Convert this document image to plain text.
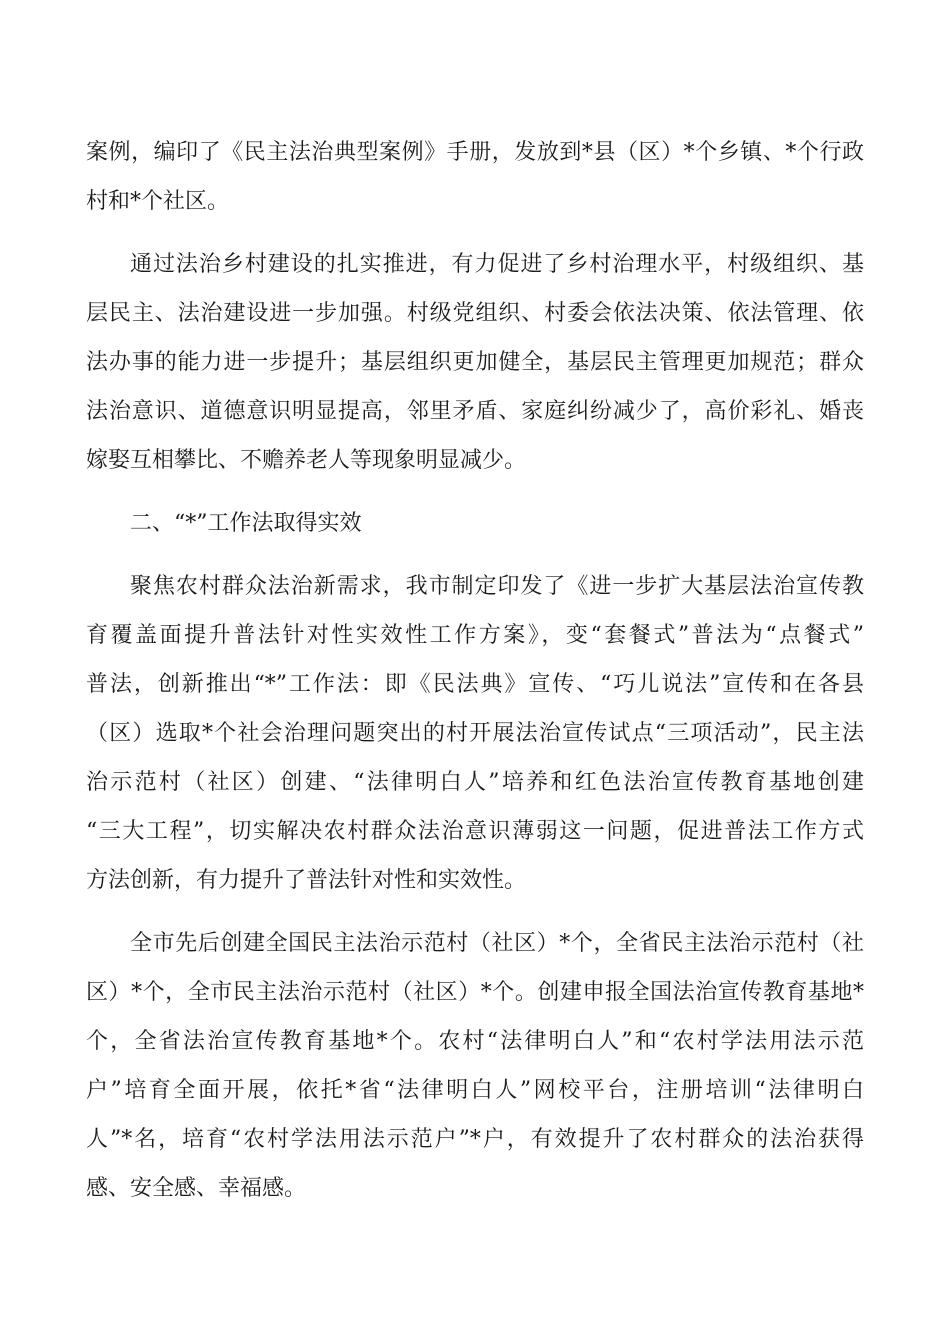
案例，编印了《民主法治典型案例》手册，发放到*县（区）*个乡镇、*个行政
村和*个社区。
通过法治乡村建设的扎实推进，有力促进了乡村治理水平，村级组织、基
层民主、法治建设进一步加强。村级党组织、村委会依法决策、依法管理、依
法办事的能力进一步提升；基层组织更加健全，基层民主管理更加规范；群众
法治意识、道德意识明显提高，邻里矛盾、家庭纠纷减少了，高价彩礼、婚丧
嫁娶互相攀比、不赡养老人等现象明显减少。
二、“*”工作法取得实效
聚焦农村群众法治新需求，我市制定印发了《进一步扩大基层法治宣传教
育覆盖面提升普法针对性实效性工作方案》，变“套餐式”普法为“点餐式”
普法，创新推出“*”工作法：即《民法典》宣传、“巧儿说法”宣传和在各县
（区）选取*个社会治理问题突出的村开展法治宣传试点“三项活动”，民主法
治示范村（社区）创建、“法律明白人”培养和红色法治宣传教育基地创建
“三大工程”，切实解决农村群众法治意识薄弱这一问题，促进普法工作方式
方法创新，有力提升了普法针对性和实效性。
全市先后创建全国民主法治示范村（社区）*个，全省民主法治示范村（社
区）*个，全市民主法治示范村（社区）*个。创建申报全国法治宣传教育基地*
个，全省法治宣传教育基地*个。农村“法律明白人”和“农村学法用法示范
户”培育全面开展，依托*省“法律明白人”网校平台，注册培训“法律明白
人”*名，培育“农村学法用法示范户”*户，有效提升了农村群众的法治获得
感、安全感、幸福感。
